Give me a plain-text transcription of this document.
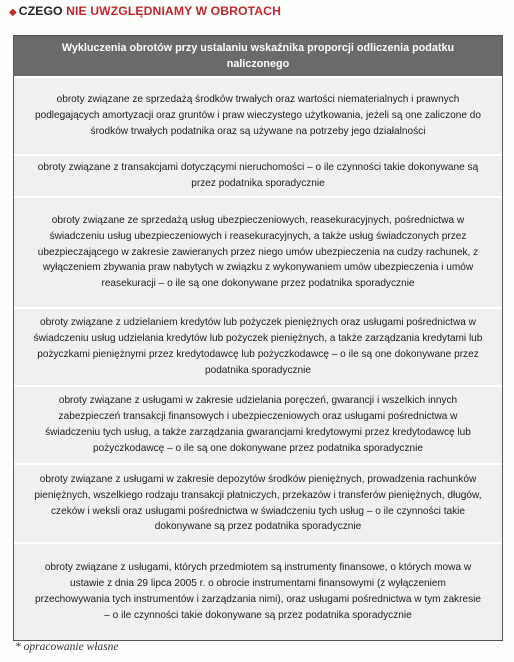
◆ CZEGO NIE UWZGLĘDNIAMY W OBROTACH
Wykluczenia obrotów przy ustalaniu wskaźnika proporcji odliczenia podatku naliczonego
obroty związane ze sprzedażą środków trwałych oraz wartości niematerialnych i prawnych podlegających amortyzacji oraz gruntów i praw wieczystego użytkowania, jeżeli są one zaliczone do środków trwałych podatnika oraz są używane na potrzeby jego działalności
obroty związane z transakcjami dotyczącymi nieruchomości – o ile czynności takie dokonywane są przez podatnika sporadycznie
obroty związane ze sprzedażą usług ubezpieczeniowych, reasekuracyjnych, pośrednictwa w świadczeniu usług ubezpieczeniowych i reasekuracyjnych, a także usług świadczonych przez ubezpieczającego w zakresie zawieranych przez niego umów ubezpieczenia na cudzy rachunek, z wyłączeniem zbywania praw nabytych w związku z wykonywaniem umów ubezpieczenia i umów reasekuracji – o ile są one dokonywane przez podatnika sporadycznie
obroty związane z udzielaniem kredytów lub pożyczek pieniężnych oraz usługami pośrednictwa w świadczeniu usług udzielania kredytów lub pożyczek pieniężnych, a także zarządzania kredytami lub pożyczkami pieniężnymi przez kredytodawcę lub pożyczkodawcę – o ile są one dokonywane przez podatnika sporadycznie
obroty związane z usługami w zakresie udzielania poręczeń, gwarancji i wszelkich innych zabezpieczeń transakcji finansowych i ubezpieczeniowych oraz usługami pośrednictwa w świadczeniu tych usług, a także zarządzania gwarancjami kredytowymi przez kredytodawcę lub pożyczkodawcę – o ile są one dokonywane przez podatnika sporadycznie
obroty związane z usługami w zakresie depozytów środków pieniężnych, prowadzenia rachunków pieniężnych, wszelkiego rodzaju transakcji płatniczych, przekazów i transferów pieniężnych, długów, czeków i weksli oraz usługami pośrednictwa w świadczeniu tych usług – o ile czynności takie dokonywane są przez podatnika sporadycznie
obroty związane z usługami, których przedmiotem są instrumenty finansowe, o których mowa w ustawie z dnia 29 lipca 2005 r. o obrocie instrumentami finansowymi (z wyłączeniem przechowywania tych instrumentów i zarządzania nimi), oraz usługami pośrednictwa w tym zakresie – o ile czynności takie dokonywane są przez podatnika sporadycznie
* opracowanie własne
